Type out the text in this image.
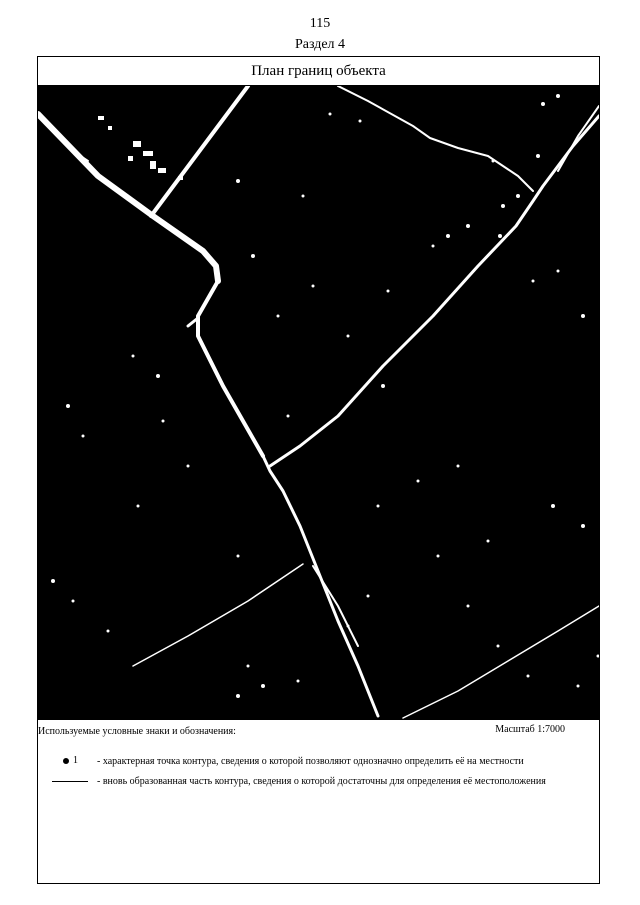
115
Раздел 4
План границ объекта
Используемые условные знаки и обозначения:	Масштаб 1:7000
1 - характерная точка контура, сведения о которой позволяют однозначно определить её на местности
- вновь образованная часть контура, сведения о которой достаточны для определения её местоположения
